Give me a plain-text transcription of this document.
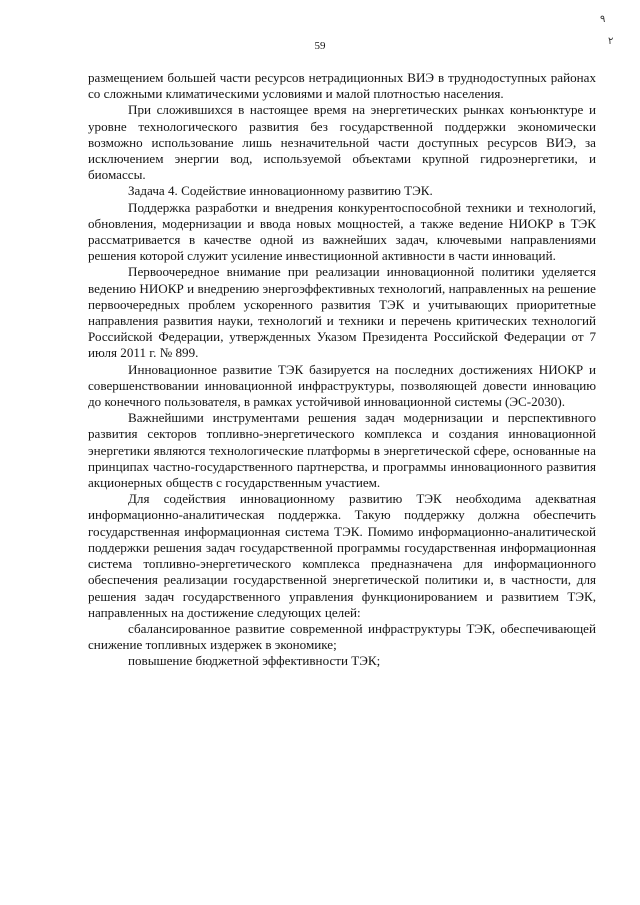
٩
٢
59

размещением большей части ресурсов нетрадиционных ВИЭ в труднодоступных районах со сложными климатическими условиями и малой плотностью населения.

При сложившихся в настоящее время на энергетических рынках конъюнктуре и уровне технологического развития без государственной поддержки экономически возможно использование лишь незначительной части доступных ресурсов ВИЭ, за исключением энергии вод, используемой объектами крупной гидроэнергетики, и биомассы.

Задача 4. Содействие инновационному развитию ТЭК.

Поддержка разработки и внедрения конкурентоспособной техники и технологий, обновления, модернизации и ввода новых мощностей, а также ведение НИОКР в ТЭК рассматривается в качестве одной из важнейших задач, ключевыми направлениями решения которой служит усиление инвестиционной активности в части инноваций.

Первоочередное внимание при реализации инновационной политики уделяется ведению НИОКР и внедрению энергоэффективных технологий, направленных на решение первоочередных проблем ускоренного развития ТЭК и учитывающих приоритетные направления развития науки, технологий и техники и перечень критических технологий Российской Федерации, утвержденных Указом Президента Российской Федерации от 7 июля 2011 г. № 899.

Инновационное развитие ТЭК базируется на последних достижениях НИОКР и совершенствовании инновационной инфраструктуры, позволяющей довести инновацию до конечного пользователя, в рамках устойчивой инновационной системы (ЭС-2030).

Важнейшими инструментами решения задач модернизации и перспективного развития секторов топливно-энергетического комплекса и создания инновационной энергетики являются технологические платформы в энергетической сфере, основанные на принципах частно-государственного партнерства, и программы инновационного развития акционерных обществ с государственным участием.

Для содействия инновационному развитию ТЭК необходима адекватная информационно-аналитическая поддержка. Такую поддержку должна обеспечить государственная информационная система ТЭК. Помимо информационно-аналитической поддержки решения задач государственной программы государственная информационная система топливно-энергетического комплекса предназначена для информационного обеспечения реализации государственной энергетической политики и, в частности, для решения задач государственного управления функционированием и развитием ТЭК, направленных на достижение следующих целей:

сбалансированное развитие современной инфраструктуры ТЭК, обеспечивающей снижение топливных издержек в экономике;

повышение бюджетной эффективности ТЭК;
